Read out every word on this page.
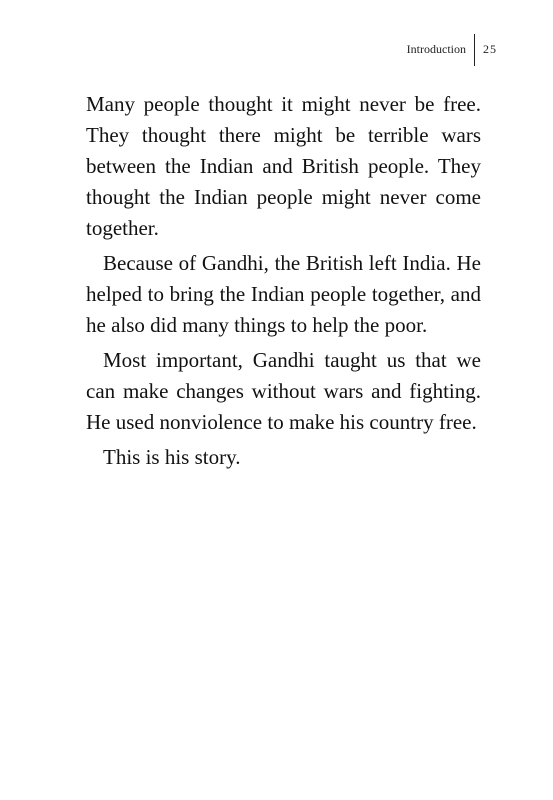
Introduction	25

Many people thought it might never be free. They thought there might be terrible wars between the Indian and British people. They thought the Indian people might never come together.

Because of Gandhi, the British left India. He helped to bring the Indian people together, and he also did many things to help the poor.

Most important, Gandhi taught us that we can make changes without wars and fighting. He used nonviolence to make his country free.

This is his story.
